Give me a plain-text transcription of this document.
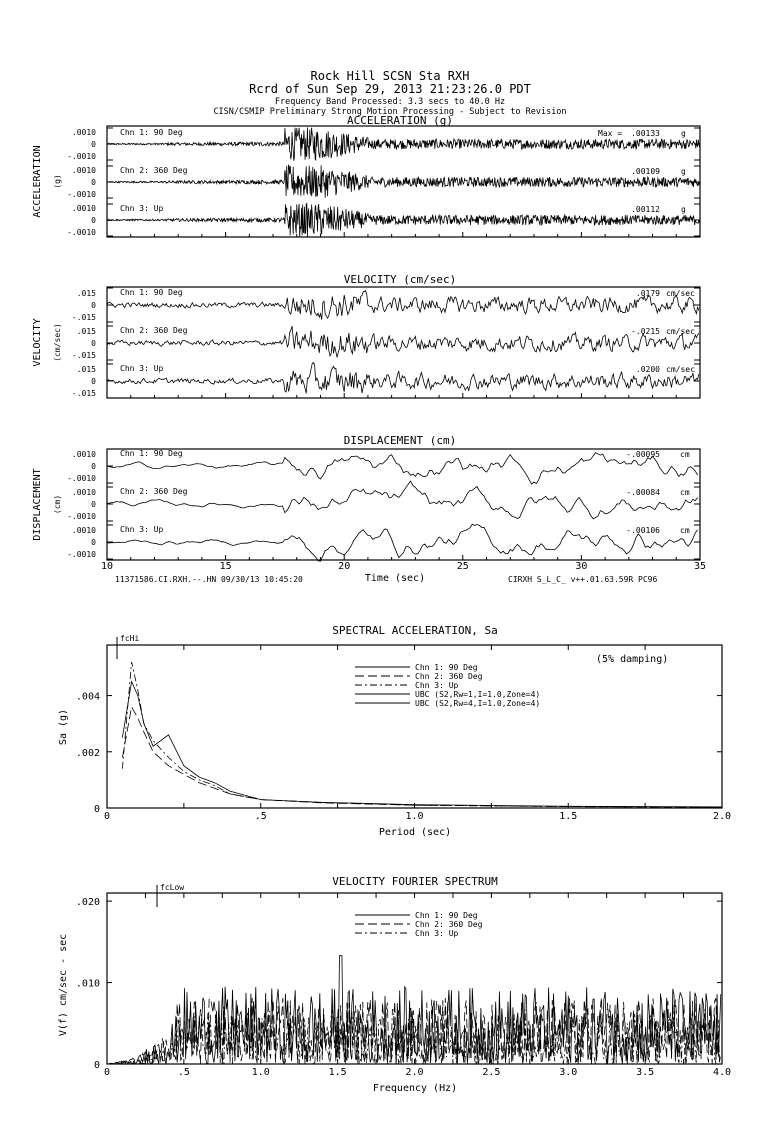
Rock Hill SCSN Sta RXH
Rcrd of Sun Sep 29, 2013 21:23:26.0 PDT
Frequency Band Processed: 3.3 secs to 40.0 Hz
CISN/CSMIP Preliminary Strong Motion Processing - Subject to Revision
ACCELERATION (g)
ACCELERATION (g)
.0010
0
-.0010
Chn 1: 90 Deg	Max = .00133	g
.0010
0
-.0010
Chn 2: 360 Deg	.00109	g
.0010
0
-.0010
Chn 3: Up	.00112	g
VELOCITY (cm/sec)
VELOCITY (cm/sec)
.015
0
-.015
Chn 1: 90 Deg	.0179 cm/sec
.015
0
-.015
Chn 2: 360 Deg	-.0215 cm/sec
.015
0
-.015
Chn 3: Up	.0200 cm/sec
DISPLACEMENT (cm)
DISPLACEMENT (cm)
.0010
0
-.0010
Chn 1: 90 Deg	-.00095	cm
.0010
0
-.0010
Chn 2: 360 Deg	-.00084	cm
.0010
0
-.0010
Chn 3: Up	-.00106	cm
10	15	20	25	30	35
SPECTRAL ACCELERATION, Sa
0	.5	1.0	1.5	2.0
.004
.002
0
Period (sec)
Sa (g)
fcHi
(5% damping)
Chn 1: 90 Deg
Chn 2: 360 Deg
Chn 3: Up
UBC (S2,Rw=1,I=1.0,Zone=4)
UBC (S2,Rw=4,I=1.0,Zone=4)
VELOCITY FOURIER SPECTRUM
0	.5	1.0	1.5	2.0	2.5	3.0	3.5	4.0
.020
.010
0
Frequency (Hz)
V(f) cm/sec - sec
fcLow
Chn 1: 90 Deg
Chn 2: 360 Deg
Chn 3: Up
11371586.CI.RXH.--.HN 09/30/13 10:45:20	Time (sec)	CIRXH S_L_C_ v++.01.63.59R PC96
